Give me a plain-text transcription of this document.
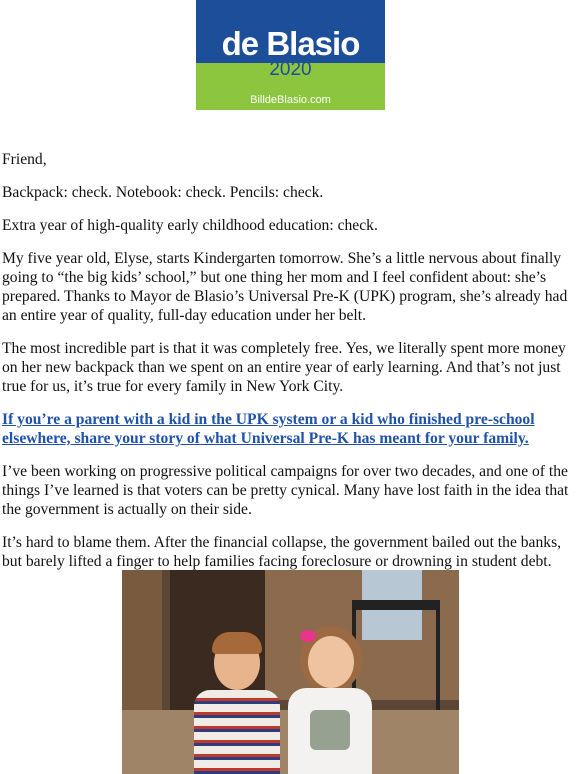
de Blasio
2020
BilldeBlasio.com

Friend,

Backpack: check. Notebook: check. Pencils: check.

Extra year of high-quality early childhood education: check.

My five year old, Elyse, starts Kindergarten tomorrow. She’s a little nervous about finally going to “the big kids’ school,” but one thing her mom and I feel confident about: she’s prepared. Thanks to Mayor de Blasio’s Universal Pre-K (UPK) program, she’s already had an entire year of quality, full-day education under her belt.

The most incredible part is that it was completely free. Yes, we literally spent more money on her new backpack than we spent on an entire year of early learning. And that’s not just true for us, it’s true for every family in New York City.

If you’re a parent with a kid in the UPK system or a kid who finished pre-school elsewhere, share your story of what Universal Pre-K has meant for your family.

I’ve been working on progressive political campaigns for over two decades, and one of the things I’ve learned is that voters can be pretty cynical. Many have lost faith in the idea that the government is actually on their side.

It’s hard to blame them. After the financial collapse, the government bailed out the banks, but barely lifted a finger to help families facing foreclosure or drowning in student debt.
